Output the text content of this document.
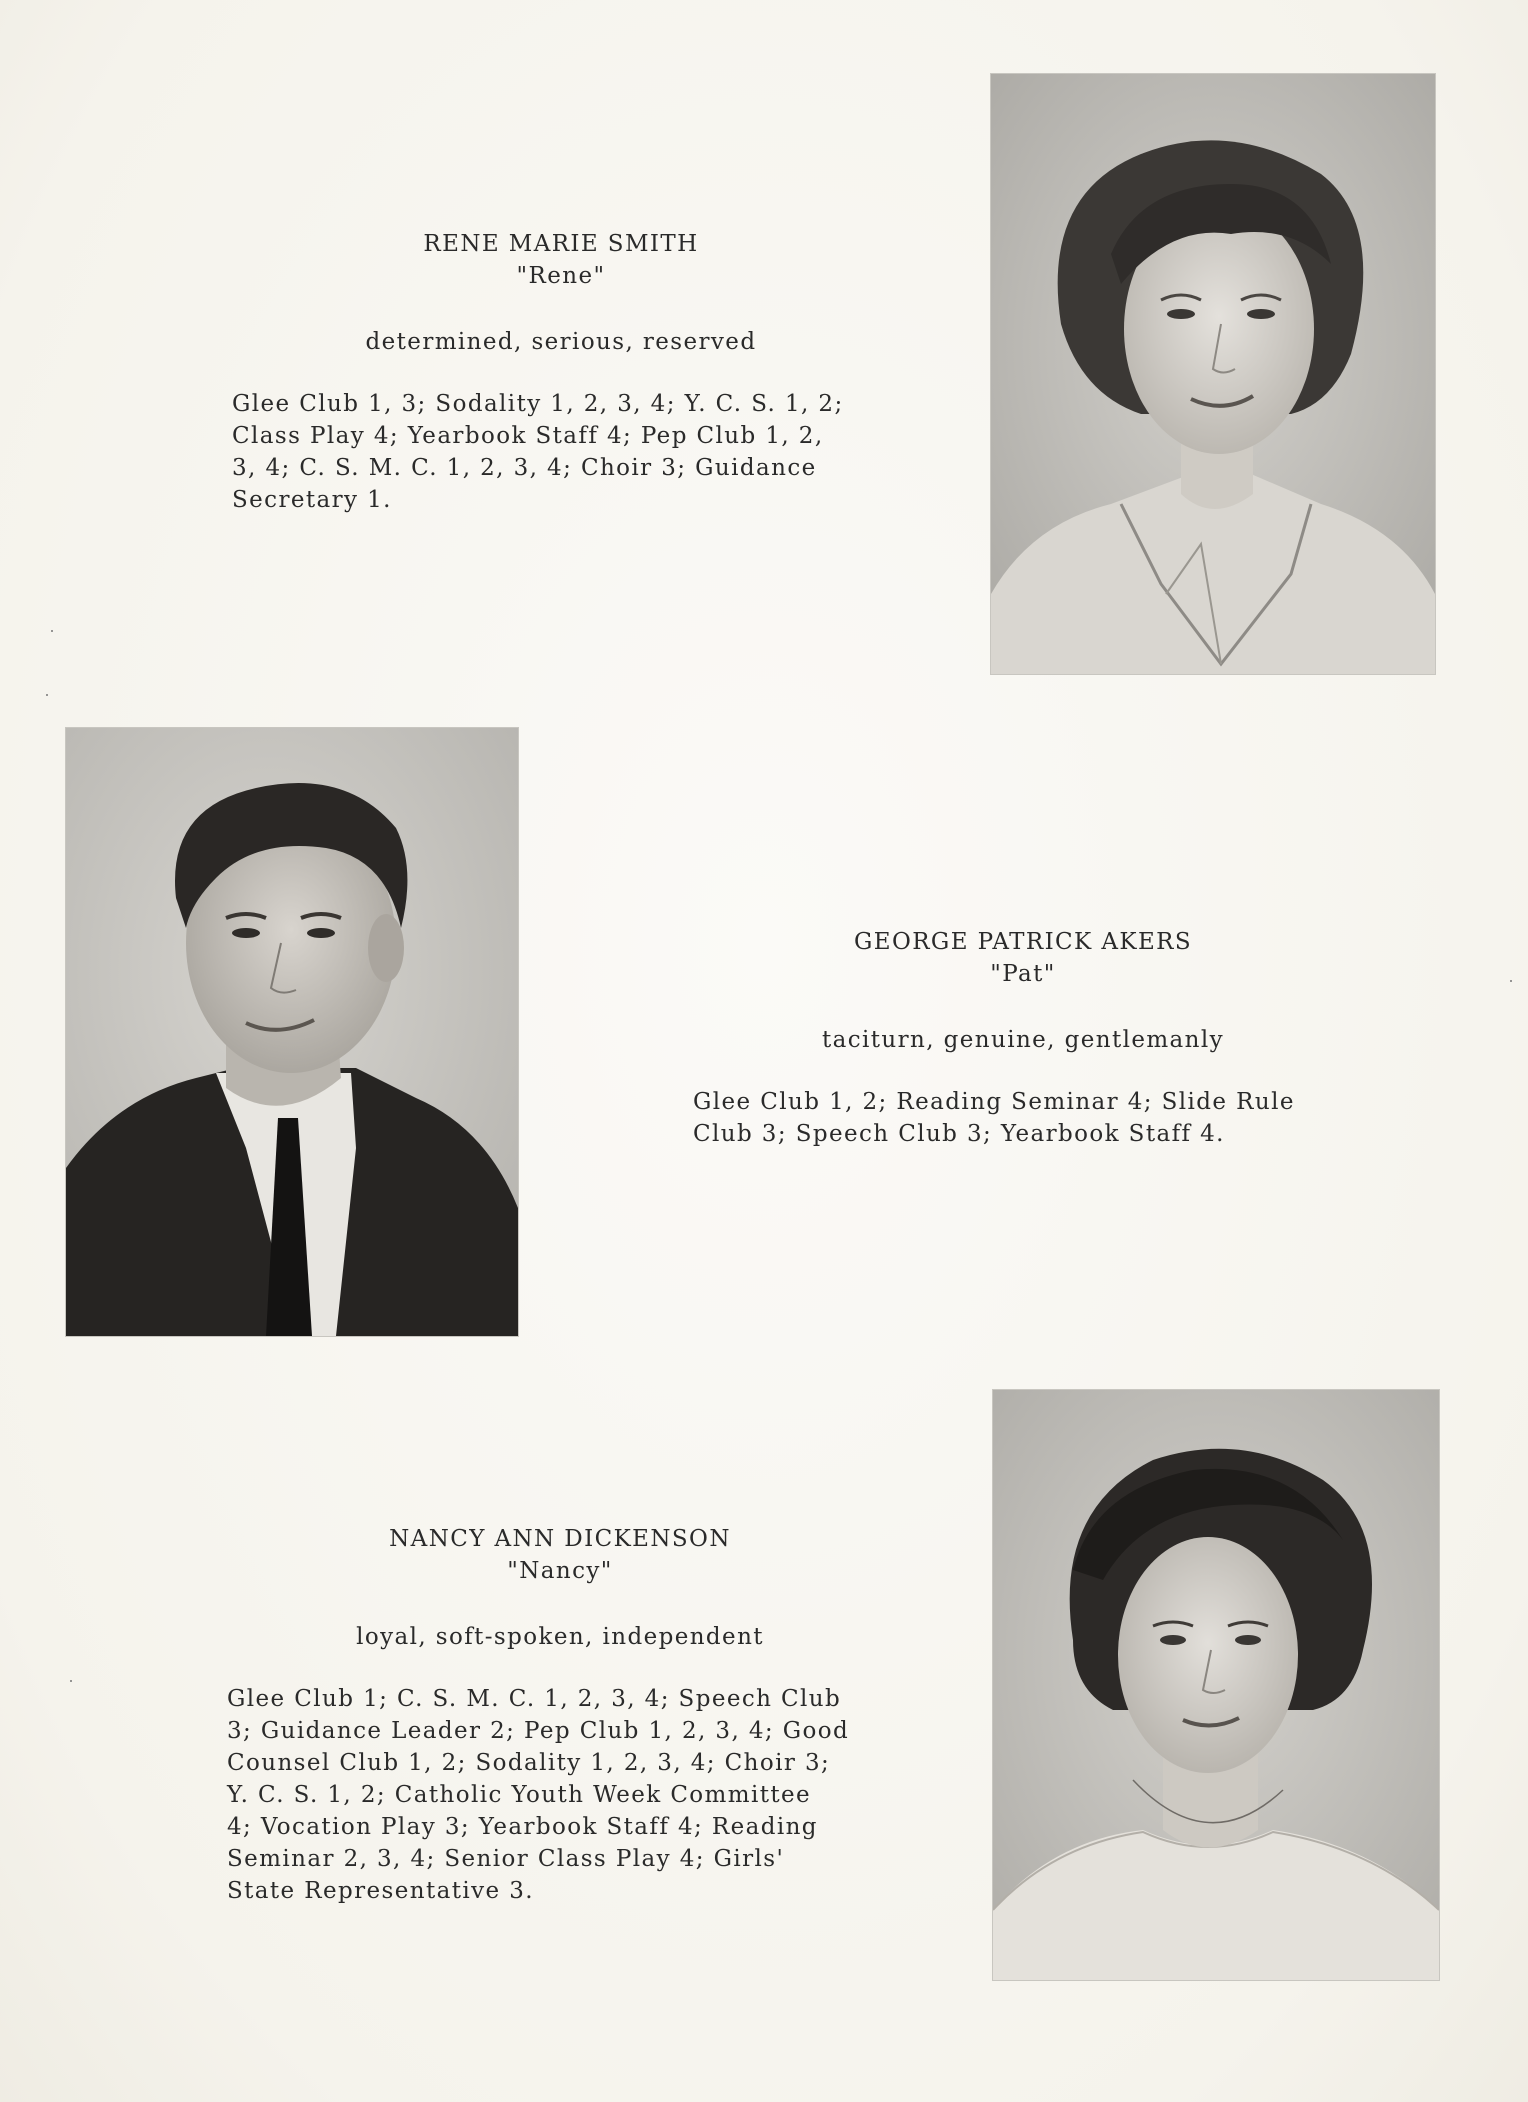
RENE MARIE SMITH
"Rene"
determined, serious, reserved
Glee Club 1, 3; Sodality 1, 2, 3, 4; Y. C. S. 1, 2;
Class Play 4; Yearbook Staff 4; Pep Club 1, 2,
3, 4; C. S. M. C. 1, 2, 3, 4; Choir 3; Guidance
Secretary 1.
GEORGE PATRICK AKERS
"Pat"
taciturn, genuine, gentlemanly
Glee Club 1, 2; Reading Seminar 4; Slide Rule
Club 3; Speech Club 3; Yearbook Staff 4.
NANCY ANN DICKENSON
"Nancy"
loyal, soft-spoken, independent
Glee Club 1; C. S. M. C. 1, 2, 3, 4; Speech Club
3; Guidance Leader 2; Pep Club 1, 2, 3, 4; Good
Counsel Club 1, 2; Sodality 1, 2, 3, 4; Choir 3;
Y. C. S. 1, 2; Catholic Youth Week Committee
4; Vocation Play 3; Yearbook Staff 4; Reading
Seminar 2, 3, 4; Senior Class Play 4; Girls'
State Representative 3.
